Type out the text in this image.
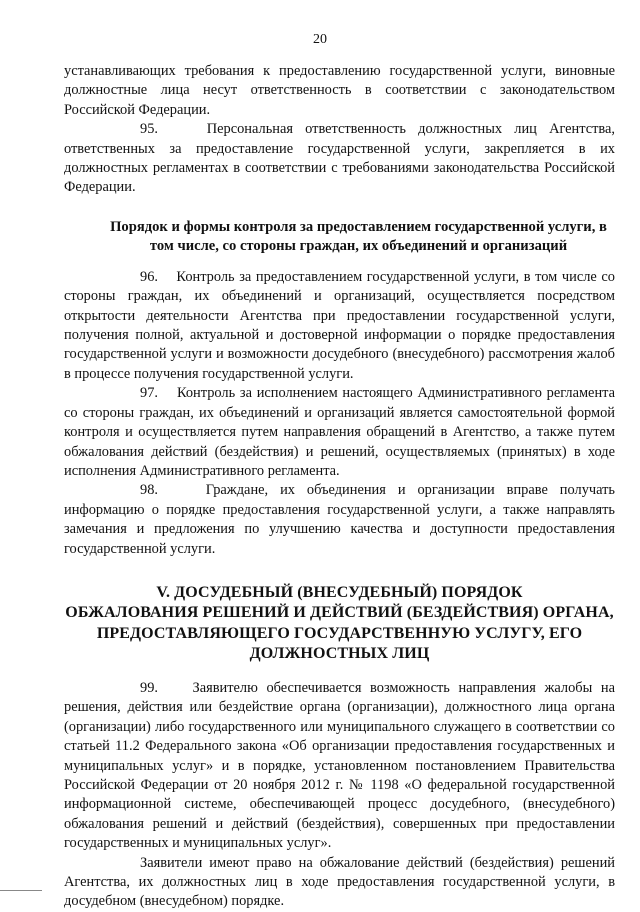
20

устанавливающих требования к предоставлению государственной услуги, виновные должностные лица несут ответственность в соответствии с законодательством Российской Федерации.

95.    Персональная ответственность должностных лиц Агентства, ответственных за предоставление государственной услуги, закрепляется в их должностных регламентах в соответствии с требованиями законодательства Российской Федерации.

Порядок и формы контроля за предоставлением государственной услуги, в том числе, со стороны граждан, их объединений и организаций

96.    Контроль за предоставлением государственной услуги, в том числе со стороны граждан, их объединений и организаций, осуществляется посредством открытости деятельности Агентства при предоставлении государственной услуги, получения полной, актуальной и достоверной информации о порядке предоставления государственной услуги и возможности досудебного (внесудебного) рассмотрения жалоб в процессе получения государственной услуги.

97.    Контроль за исполнением настоящего Административного регламента со стороны граждан, их объединений и организаций является самостоятельной формой контроля и осуществляется путем направления обращений в Агентство, а также путем обжалования действий (бездействия) и решений, осуществляемых (принятых) в ходе исполнения Административного регламента.

98.    Граждане, их объединения и организации вправе получать информацию о порядке предоставления государственной услуги, а также направлять замечания и предложения по улучшению качества и доступности предоставления государственной услуги.

V. ДОСУДЕБНЫЙ (ВНЕСУДЕБНЫЙ) ПОРЯДОК
ОБЖАЛОВАНИЯ РЕШЕНИЙ И ДЕЙСТВИЙ (БЕЗДЕЙСТВИЯ) ОРГАНА,
ПРЕДОСТАВЛЯЮЩЕГО ГОСУДАРСТВЕННУЮ УСЛУГУ, ЕГО
ДОЛЖНОСТНЫХ ЛИЦ

99.    Заявителю обеспечивается возможность направления жалобы на решения, действия или бездействие органа (организации), должностного лица органа (организации) либо государственного или муниципального служащего в соответствии со статьей 11.2 Федерального закона «Об организации предоставления государственных и муниципальных услуг» и в порядке, установленном постановлением Правительства Российской Федерации от 20 ноября 2012 г. № 1198 «О федеральной государственной информационной системе, обеспечивающей процесс досудебного, (внесудебного) обжалования решений и действий (бездействия), совершенных при предоставлении государственных и муниципальных услуг».

Заявители имеют право на обжалование действий (бездействия) решений Агентства, их должностных лиц в ходе предоставления государственной услуги, в досудебном (внесудебном) порядке.
